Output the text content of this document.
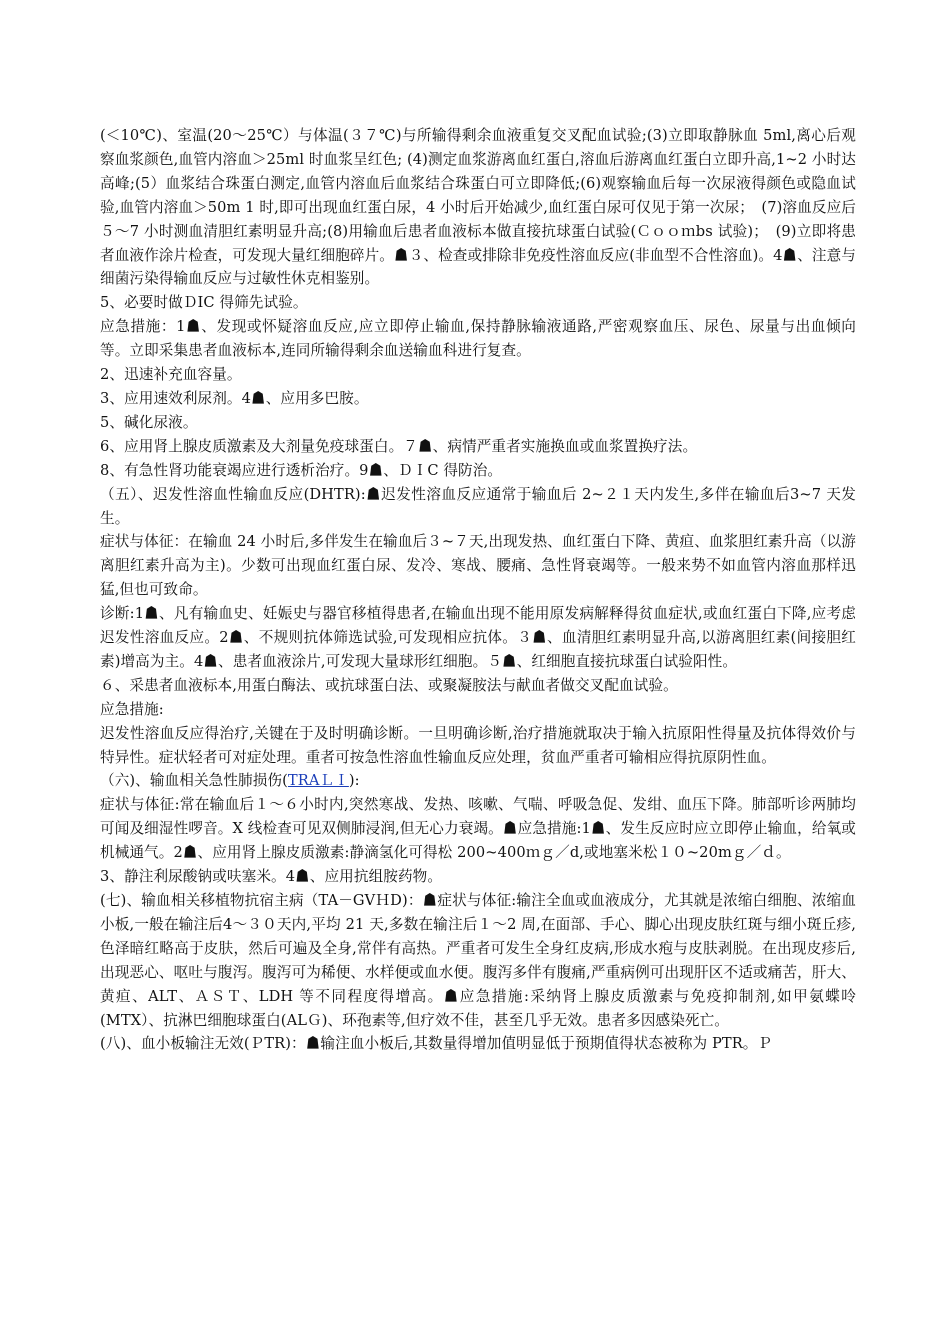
(＜10℃)、室温(20～25℃）与体温(３７℃)与所输得剩余血液重复交叉配血试验;(3)立即取静脉血 5ml,离心后观察血浆颜色,血管内溶血＞25ml 时血浆呈红色; (4)测定血浆游离血红蛋白,溶血后游离血红蛋白立即升高,1~2 小时达高峰;(5）血浆结合珠蛋白测定,血管内溶血后血浆结合珠蛋白可立即降低;(6)观察输血后每一次尿液得颜色或隐血试验,血管内溶血＞50m 1 时,即可出现血红蛋白尿，4 小时后开始减少,血红蛋白尿可仅见于第一次尿；　(7)溶血反应后５～7 小时测血清胆红素明显升高;(8)用输血后患者血液标本做直接抗球蛋白试验(Ｃｏｏｍbs 试验)；　(9)立即将患者血液作涂片检查，可发现大量红细胞碎片。☗３、检查或排除非免疫性溶血反应(非血型不合性溶血)。4☗、注意与细菌污染得输血反应与过敏性休克相鉴别。

5、必要时做ＤIC 得筛先试验。

应急措施：1☗、发现或怀疑溶血反应,应立即停止输血,保持静脉输液通路,严密观察血压、尿色、尿量与出血倾向等。立即采集患者血液标本,连同所输得剩余血送输血科进行复查。

2、迅速补充血容量。

3、应用速效利尿剂。4☗、应用多巴胺。

5、碱化尿液。

6、应用肾上腺皮质激素及大剂量免疫球蛋白。７☗、病情严重者实施换血或血浆置换疗法。

8、有急性肾功能衰竭应进行透析治疗。9☗、ＤＩC 得防治。

（五）、迟发性溶血性输血反应(DHTR):☗迟发性溶血反应通常于输血后 2~２１天内发生,多伴在输血后3~7 天发生。

症状与体征：在输血 24 小时后,多伴发生在输血后３~７天,出现发热、血红蛋白下降、黄疸、血浆胆红素升高（以游离胆红素升高为主)。少数可出现血红蛋白尿、发冷、寒战、腰痛、急性肾衰竭等。一般来势不如血管内溶血那样迅猛,但也可致命。

诊断:1☗、凡有输血史、妊娠史与器官移植得患者,在输血出现不能用原发病解释得贫血症状,或血红蛋白下降,应考虑迟发性溶血反应。2☗、不规则抗体筛选试验,可发现相应抗体。３☗、血清胆红素明显升高,以游离胆红素(间接胆红素)增高为主。4☗、患者血液涂片,可发现大量球形红细胞。５☗、红细胞直接抗球蛋白试验阳性。

６、采患者血液标本,用蛋白酶法、或抗球蛋白法、或聚凝胺法与献血者做交叉配血试验。

应急措施:

迟发性溶血反应得治疗,关键在于及时明确诊断。一旦明确诊断,治疗措施就取决于输入抗原阳性得量及抗体得效价与特异性。症状轻者可对症处理。重者可按急性溶血性输血反应处理，贫血严重者可输相应得抗原阴性血。

（六)、输血相关急性肺损伤(TRAＬＩ):

症状与体征:常在输血后１～６小时内,突然寒战、发热、咳嗽、气喘、呼吸急促、发绀、血压下降。肺部听诊两肺均可闻及细湿性啰音。X 线检查可见双侧肺浸润,但无心力衰竭。☗应急措施:1☗、发生反应时应立即停止输血，给氧或机械通气。2☗、应用肾上腺皮质激素:静滴氢化可得松 200~400ｍｇ／d,或地塞米松１０~20mｇ／ｄ。

3、静注利尿酸钠或呋塞米。4☗、应用抗组胺药物。

(七)、输血相关移植物抗宿主病（TA－GVＨD)：☗症状与体征:输注全血或血液成分，尤其就是浓缩白细胞、浓缩血小板,一般在输注后4～３０天内,平均 21 天,多数在输注后１～2 周,在面部、手心、脚心出现皮肤红斑与细小斑丘疹,色泽暗红略高于皮肤，然后可遍及全身,常伴有高热。严重者可发生全身红皮病,形成水疱与皮肤剥脱。在出现皮疹后,出现恶心、呕吐与腹泻。腹泻可为稀便、水样便或血水便。腹泻多伴有腹痛,严重病例可出现肝区不适或痛苦，肝大、黄疸、ALT、ＡＳＴ、LDH 等不同程度得增高。☗应急措施:采纳肾上腺皮质激素与免疫抑制剂,如甲氨蝶呤(MTX）、抗淋巴细胞球蛋白(ALＧ)、环孢素等,但疗效不佳，甚至几乎无效。患者多因感染死亡。

(八)、血小板输注无效(ＰTR)：☗输注血小板后,其数量得增加值明显低于预期值得状态被称为 PTR。Ｐ
